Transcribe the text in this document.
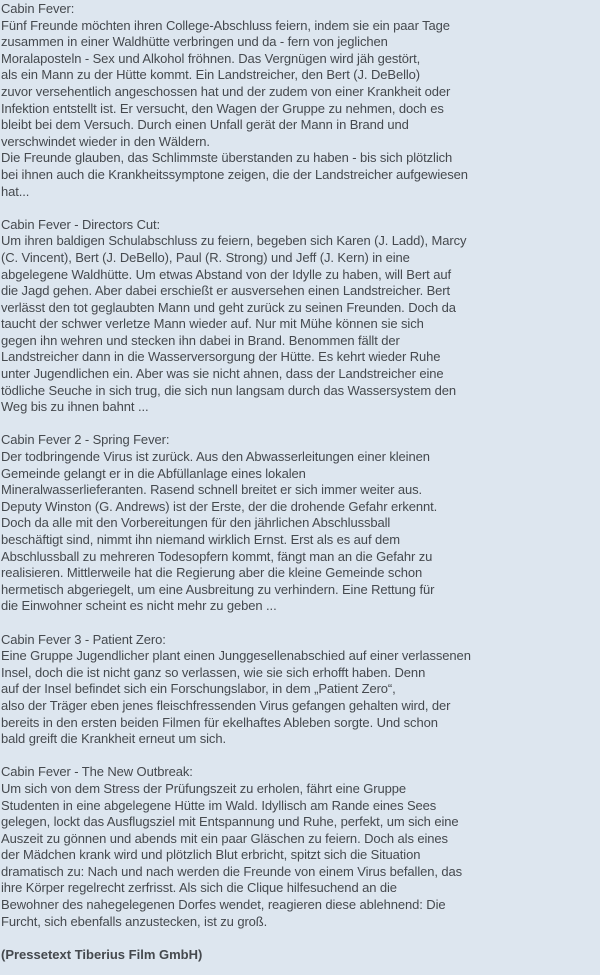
Cabin Fever:
Fünf Freunde möchten ihren College-Abschluss feiern, indem sie ein paar Tage
zusammen in einer Waldhütte verbringen und da - fern von jeglichen
Moralaposteln - Sex und Alkohol fröhnen. Das Vergnügen wird jäh gestört,
als ein Mann zu der Hütte kommt. Ein Landstreicher, den Bert (J. DeBello)
zuvor versehentlich angeschossen hat und der zudem von einer Krankheit oder
Infektion entstellt ist. Er versucht, den Wagen der Gruppe zu nehmen, doch es
bleibt bei dem Versuch. Durch einen Unfall gerät der Mann in Brand und
verschwindet wieder in den Wäldern.
Die Freunde glauben, das Schlimmste überstanden zu haben - bis sich plötzlich
bei ihnen auch die Krankheitssymptone zeigen, die der Landstreicher aufgewiesen
hat...
Cabin Fever - Directors Cut:
Um ihren baldigen Schulabschluss zu feiern, begeben sich Karen (J. Ladd), Marcy
(C. Vincent), Bert (J. DeBello), Paul (R. Strong) und Jeff (J. Kern) in eine
abgelegene Waldhütte. Um etwas Abstand von der Idylle zu haben, will Bert auf
die Jagd gehen. Aber dabei erschießt er ausversehen einen Landstreicher. Bert
verlässt den tot geglaubten Mann und geht zurück zu seinen Freunden. Doch da
taucht der schwer verletze Mann wieder auf. Nur mit Mühe können sie sich
gegen ihn wehren und stecken ihn dabei in Brand. Benommen fällt der
Landstreicher dann in die Wasserversorgung der Hütte. Es kehrt wieder Ruhe
unter Jugendlichen ein. Aber was sie nicht ahnen, dass der Landstreicher eine
tödliche Seuche in sich trug, die sich nun langsam durch das Wassersystem den
Weg bis zu ihnen bahnt ...
Cabin Fever 2 - Spring Fever:
Der todbringende Virus ist zurück. Aus den Abwasserleitungen einer kleinen
Gemeinde gelangt er in die Abfüllanlage eines lokalen
Mineralwasserlieferanten. Rasend schnell breitet er sich immer weiter aus.
Deputy Winston (G. Andrews) ist der Erste, der die drohende Gefahr erkennt.
Doch da alle mit den Vorbereitungen für den jährlichen Abschlussball
beschäftigt sind, nimmt ihn niemand wirklich Ernst. Erst als es auf dem
Abschlussball zu mehreren Todesopfern kommt, fängt man an die Gefahr zu
realisieren. Mittlerweile hat die Regierung aber die kleine Gemeinde schon
hermetisch abgeriegelt, um eine Ausbreitung zu verhindern. Eine Rettung für
die Einwohner scheint es nicht mehr zu geben ...
Cabin Fever 3 - Patient Zero:
Eine Gruppe Jugendlicher plant einen Junggesellenabschied auf einer verlassenen
Insel, doch die ist nicht ganz so verlassen, wie sie sich erhofft haben. Denn
auf der Insel befindet sich ein Forschungslabor, in dem „Patient Zero“,
also der Träger eben jenes fleischfressenden Virus gefangen gehalten wird, der
bereits in den ersten beiden Filmen für ekelhaftes Ableben sorgte. Und schon
bald greift die Krankheit erneut um sich.
Cabin Fever - The New Outbreak:
Um sich von dem Stress der Prüfungszeit zu erholen, fährt eine Gruppe
Studenten in eine abgelegene Hütte im Wald. Idyllisch am Rande eines Sees
gelegen, lockt das Ausflugsziel mit Entspannung und Ruhe, perfekt, um sich eine
Auszeit zu gönnen und abends mit ein paar Gläschen zu feiern. Doch als eines
der Mädchen krank wird und plötzlich Blut erbricht, spitzt sich die Situation
dramatisch zu: Nach und nach werden die Freunde von einem Virus befallen, das
ihre Körper regelrecht zerfrisst. Als sich die Clique hilfesuchend an die
Bewohner des nahegelegenen Dorfes wendet, reagieren diese ablehnend: Die
Furcht, sich ebenfalls anzustecken, ist zu groß.
(Pressetext Tiberius Film GmbH)
